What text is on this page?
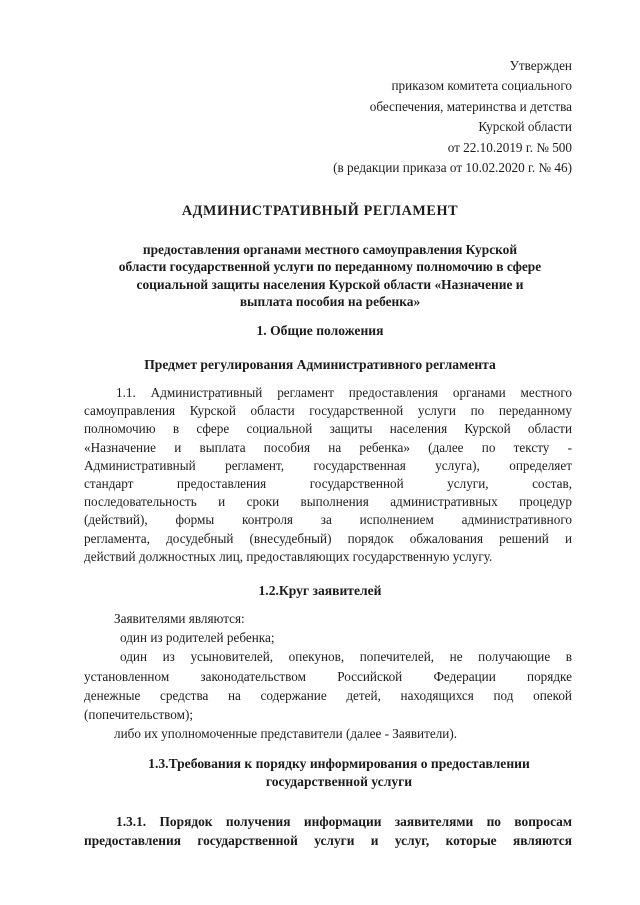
Утвержден
приказом комитета социального
обеспечения, материнства и детства
Курской области
от 22.10.2019 г. № 500
(в редакции приказа от 10.02.2020 г. № 46)
АДМИНИСТРАТИВНЫЙ РЕГЛАМЕНТ
предоставления органами местного самоуправления Курской
области государственной услуги по переданному полномочию в сфере
социальной защиты населения Курской области «Назначение и
выплата пособия на ребенка»
1. Общие положения
Предмет регулирования Административного регламента
1.1. Административный регламент предоставления органами местного
самоуправления Курской области государственной услуги по переданному
полномочию в сфере социальной защиты населения Курской области
«Назначение и выплата пособия на ребенка» (далее по тексту -
Административный регламент, государственная услуга), определяет
стандарт предоставления государственной услуги, состав,
последовательность и сроки выполнения административных процедур
(действий), формы контроля за исполнением административного
регламента, досудебный (внесудебный) порядок обжалования решений и
действий должностных лиц, предоставляющих государственную услугу.
1.2.Круг заявителей
Заявителями являются:
один из родителей ребенка;
один из усыновителей, опекунов, попечителей, не получающие в
установленном законодательством Российской Федерации порядке
денежные средства на содержание детей, находящихся под опекой
(попечительством);
либо их уполномоченные представители (далее - Заявители).
1.3.Требования к порядку информирования о предоставлении
государственной услуги
1.3.1. Порядок получения информации заявителями по вопросам
предоставления государственной услуги и услуг, которые являются
